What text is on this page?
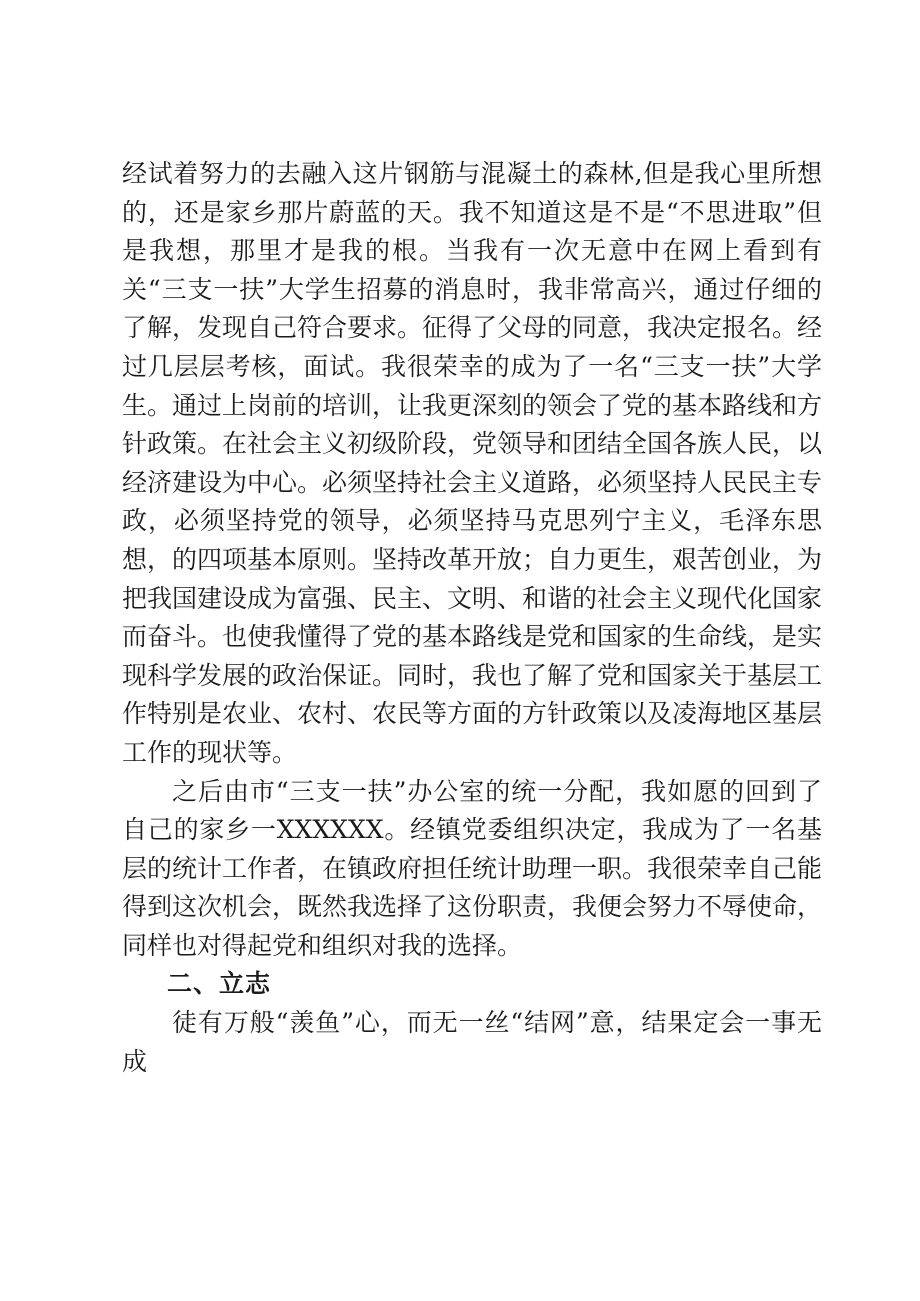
经试着努力的去融入这片钢筋与混凝土的森林,但是我心里所想的，还是家乡那片蔚蓝的天。我不知道这是不是“不思进取”但是我想，那里才是我的根。当我有一次无意中在网上看到有关“三支一扶”大学生招募的消息时，我非常高兴，通过仔细的了解，发现自己符合要求。征得了父母的同意，我决定报名。经过几层层考核，面试。我很荣幸的成为了一名“三支一扶”大学生。通过上岗前的培训，让我更深刻的领会了党的基本路线和方针政策。在社会主义初级阶段，党领导和团结全国各族人民，以经济建设为中心。必须坚持社会主义道路，必须坚持人民民主专政，必须坚持党的领导，必须坚持马克思列宁主义，毛泽东思想，的四项基本原则。坚持改革开放；自力更生，艰苦创业，为把我国建设成为富强、民主、文明、和谐的社会主义现代化国家而奋斗。也使我懂得了党的基本路线是党和国家的生命线，是实现科学发展的政治保证。同时，我也了解了党和国家关于基层工作特别是农业、农村、农民等方面的方针政策以及凌海地区基层工作的现状等。

之后由市“三支一扶”办公室的统一分配，我如愿的回到了自己的家乡一XXXXXX。经镇党委组织决定，我成为了一名基层的统计工作者，在镇政府担任统计助理一职。我很荣幸自己能得到这次机会，既然我选择了这份职责，我便会努力不辱使命，同样也对得起党和组织对我的选择。

二、立志

徒有万般“羡鱼”心，而无一丝“结网”意，结果定会一事无成
